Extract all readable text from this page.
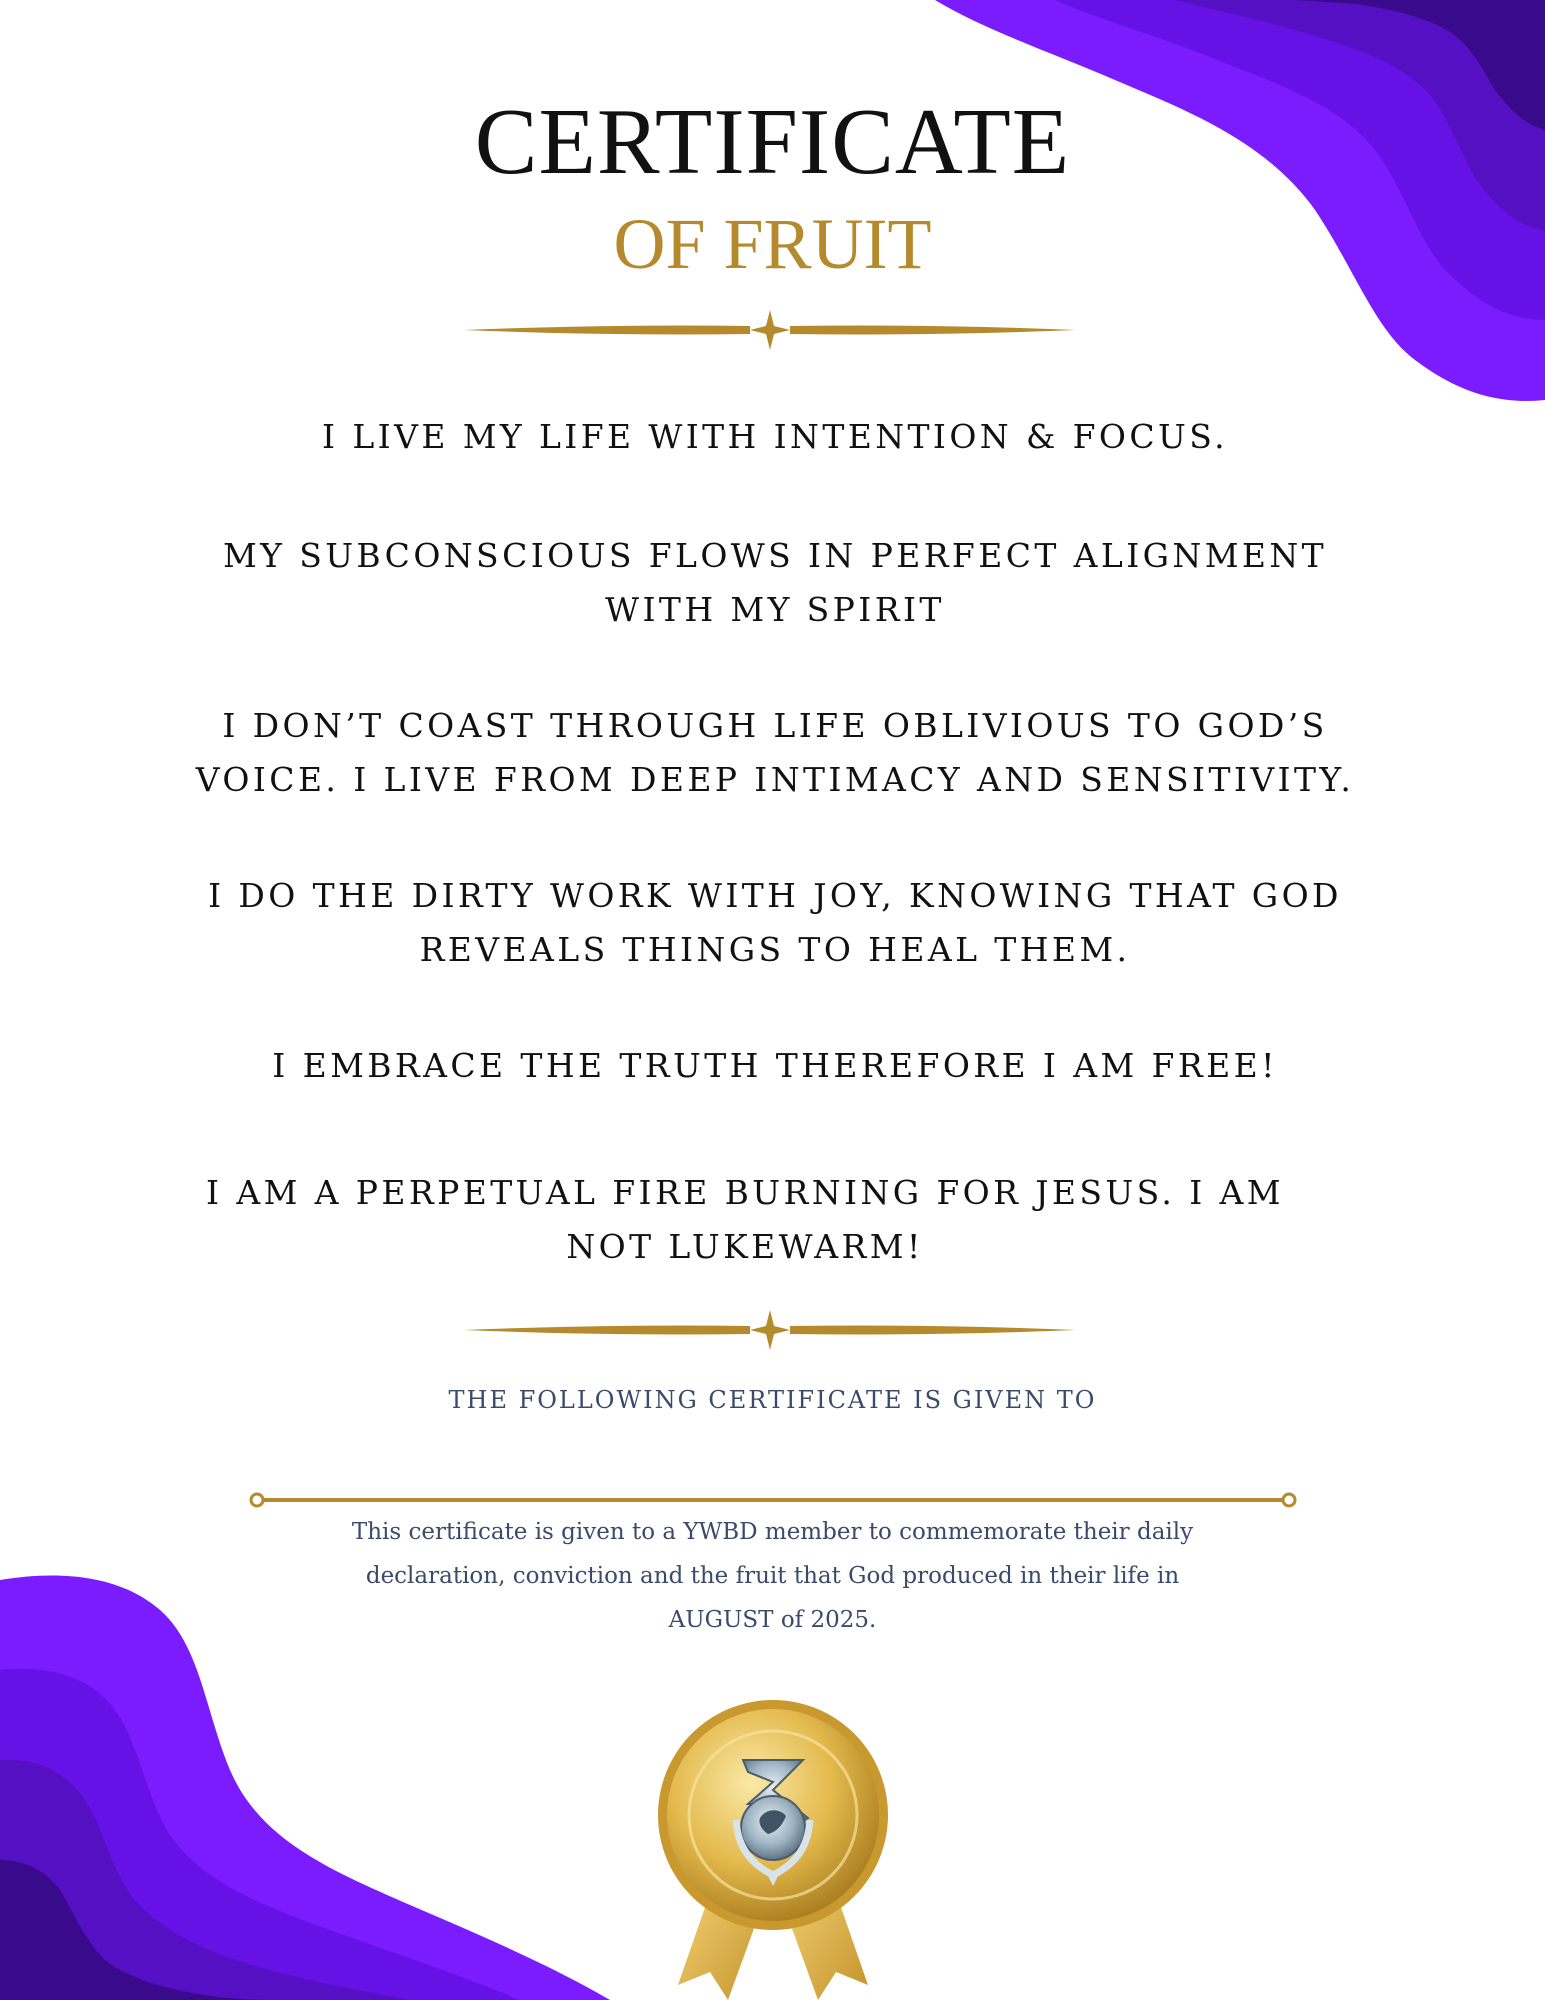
CERTIFICATE
OF FRUIT
I LIVE MY LIFE WITH INTENTION & FOCUS.
MY SUBCONSCIOUS FLOWS IN PERFECT ALIGNMENT
WITH MY SPIRIT
I DON’T COAST THROUGH LIFE OBLIVIOUS TO GOD’S
VOICE. I LIVE FROM DEEP INTIMACY AND SENSITIVITY.
I DO THE DIRTY WORK WITH JOY, KNOWING THAT GOD
REVEALS THINGS TO HEAL THEM.
I EMBRACE THE TRUTH THEREFORE I AM FREE!
I AM A PERPETUAL FIRE BURNING FOR JESUS. I AM
NOT LUKEWARM!
THE FOLLOWING CERTIFICATE IS GIVEN TO
This certificate is given to a YWBD member to commemorate their daily
declaration, conviction and the fruit that God produced in their life in
AUGUST of 2025.
